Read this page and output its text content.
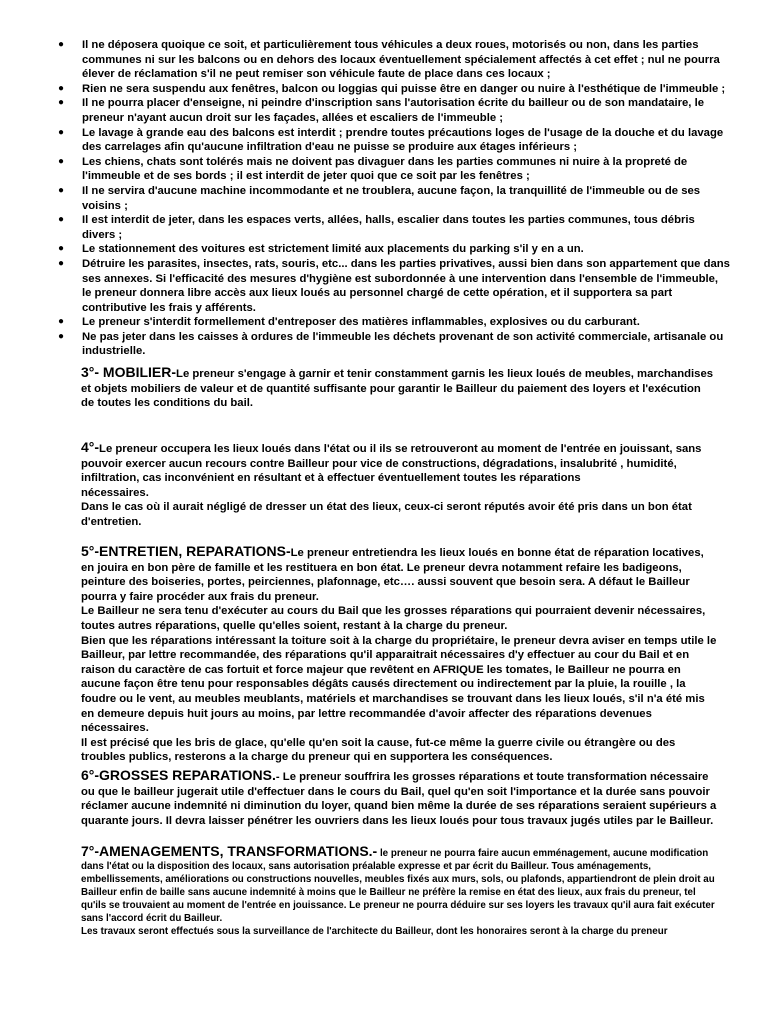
● Il ne déposera quoique ce soit, et particulièrement tous véhicules a deux roues, motorisés ou non, dans les parties communes ni sur les balcons ou en dehors des locaux éventuellement spécialement affectés à cet effet ; nul ne pourra élever de réclamation s'il ne peut remiser son véhicule faute de place dans ces locaux ;
● Rien ne sera suspendu aux fenêtres, balcon ou loggias qui puisse être en danger ou nuire à l'esthétique de l'immeuble ;
● Il ne pourra placer d'enseigne, ni peindre d'inscription sans l'autorisation écrite du bailleur ou de son mandataire, le preneur n'ayant aucun droit sur les façades, allées et escaliers de l'immeuble ;
● Le lavage à grande eau des balcons est interdit ; prendre toutes précautions loges de l'usage de la douche et du lavage des carrelages afin qu'aucune infiltration d'eau ne puisse se produire aux étages inférieurs ;
● Les chiens, chats sont tolérés mais ne doivent pas divaguer dans les parties communes ni nuire à la propreté de l'immeuble et de ses bords ; il est interdit de jeter quoi que ce soit par les fenêtres ;
● Il ne servira d'aucune machine incommodante et ne troublera, aucune façon, la tranquillité de l'immeuble ou de ses voisins ;
● Il est interdit de jeter, dans les espaces verts, allées, halls, escalier dans toutes les parties communes, tous débris divers ;
● Le stationnement des voitures est strictement limité aux placements du parking s'il y en a un.
● Détruire les parasites, insectes, rats, souris, etc... dans les parties privatives, aussi bien dans son appartement que dans ses annexes. Si l'efficacité des mesures d'hygiène est subordonnée à une intervention dans l'ensemble de l'immeuble, le preneur donnera libre accès aux lieux loués au personnel chargé de cette opération, et il supportera sa part contributive les frais y afférents.
● Le preneur s'interdit formellement d'entreposer des matières inflammables, explosives ou du carburant.
● Ne pas jeter dans les caisses à ordures de l'immeuble les déchets provenant de son activité commerciale, artisanale ou industrielle.

3°- MOBILIER-Le preneur s'engage à garnir et tenir constamment garnis les lieux loués de meubles, marchandises et objets mobiliers de valeur et de quantité suffisante pour garantir le Bailleur du paiement des loyers et l'exécution de toutes les conditions du bail.

4°-Le preneur occupera les lieux loués dans l'état ou il ils se retrouveront au moment de l'entrée en jouissant, sans pouvoir exercer aucun recours contre Bailleur pour vice de constructions, dégradations, insalubrité , humidité, infiltration, cas inconvénient en résultant et à effectuer éventuellement toutes les réparations

nécessaires.

Dans le cas où il aurait négligé de dresser un état des lieux, ceux-ci seront réputés avoir été pris dans un bon état d'entretien.

5°-ENTRETIEN, REPARATIONS-Le preneur entretiendra les lieux loués en bonne état de réparation locatives, en jouira en bon père de famille et les restituera en bon état. Le preneur devra notamment refaire les badigeons, peinture des boiseries, portes, peirciennes, plafonnage, etc…. aussi souvent que besoin sera. A défaut le Bailleur pourra y faire procéder aux frais du preneur.

Le Bailleur ne sera tenu d'exécuter au cours du Bail que les grosses réparations qui pourraient devenir nécessaires, toutes autres réparations, quelle qu'elles soient, restant à la charge du preneur.

Bien que les réparations intéressant la toiture soit à la charge du propriétaire, le preneur devra aviser en temps utile le Bailleur, par lettre recommandée, des réparations qu'il apparaitrait nécessaires d'y effectuer au cour du Bail et en raison du caractère de cas fortuit et force majeur que revêtent en AFRIQUE les tomates, le Bailleur ne pourra en aucune façon être tenu pour responsables dégâts causés directement ou indirectement par la pluie, la rouille , la foudre ou le vent, au meubles meublants, matériels et marchandises se trouvant dans les lieux loués, s'il n'a été mis en demeure depuis huit jours au moins, par lettre recommandée d'avoir affecter des réparations devenues nécessaires.

Il est précisé que les bris de glace, qu'elle qu'en soit la cause, fut-ce même la guerre civile ou étrangère ou des troubles publics, resterons a la charge du preneur qui en supportera les conséquences.

6°-GROSSES REPARATIONS.- Le preneur souffrira les grosses réparations et toute transformation nécessaire ou que le bailleur jugerait utile d'effectuer dans le cours du Bail, quel qu'en soit l'importance et la durée sans pouvoir réclamer aucune indemnité ni diminution du loyer, quand bien même la durée de ses réparations seraient supérieurs a quarante jours. Il devra laisser pénétrer les ouvriers dans les lieux loués pour tous travaux jugés utiles par le Bailleur.

7°-AMENAGEMENTS, TRANSFORMATIONS.- le preneur ne pourra faire aucun emménagement, aucune modification dans l'état ou la disposition des locaux, sans autorisation préalable expresse et par écrit du Bailleur. Tous aménagements, embellissements, améliorations ou constructions nouvelles, meubles fixés aux murs, sols, ou plafonds, appartiendront de plein droit au Bailleur enfin de baille sans aucune indemnité à moins que le Bailleur ne préfère la remise en état des lieux, aux frais du preneur, tel qu'ils se trouvaient au moment de l'entrée en jouissance. Le preneur ne pourra déduire sur ses loyers les travaux qu'il aura fait exécuter sans l'accord écrit du Bailleur.

Les travaux seront effectués sous la surveillance de l'architecte du Bailleur, dont les honoraires seront à la charge du preneur
